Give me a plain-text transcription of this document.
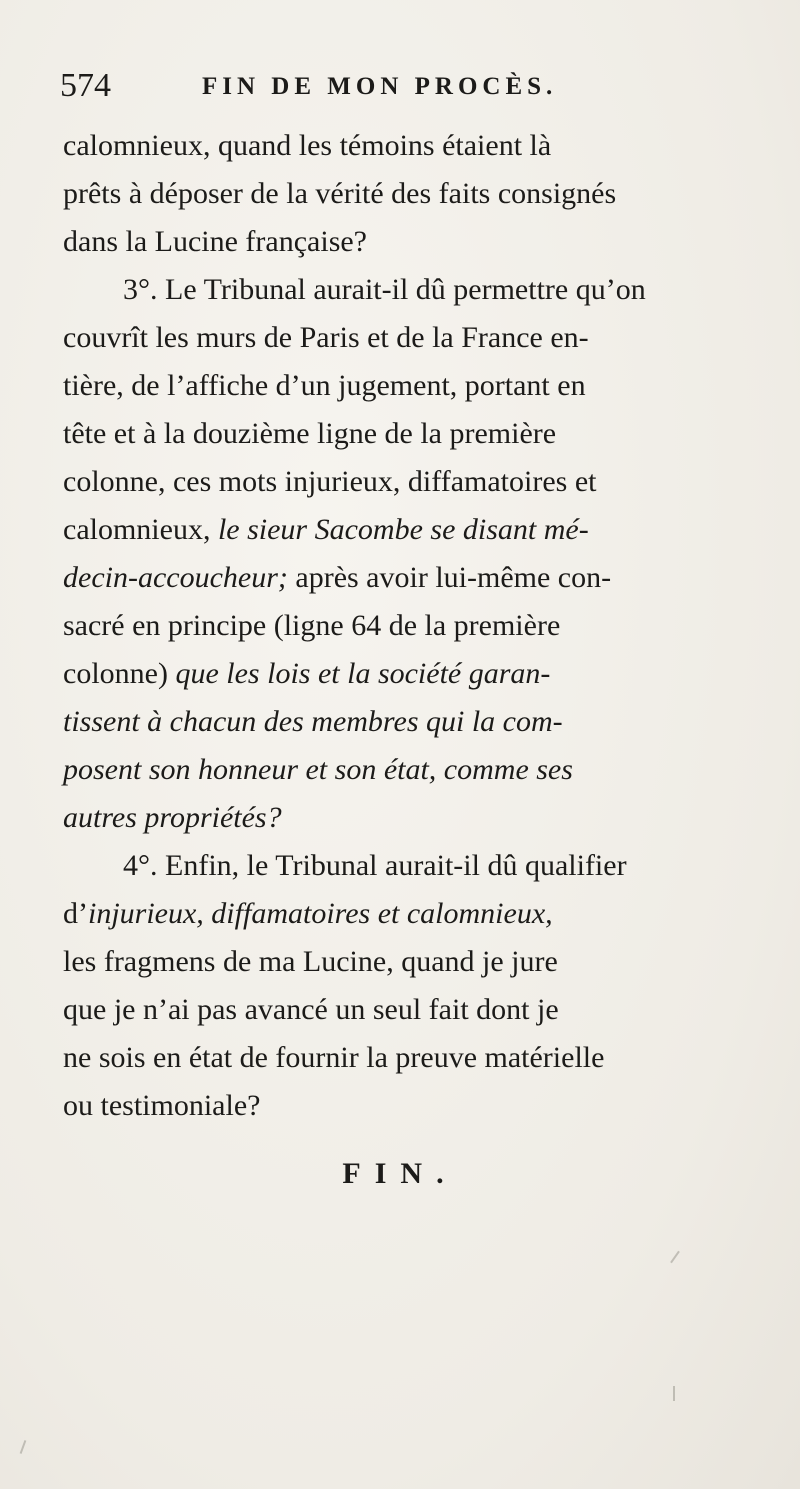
574	FIN DE MON PROCÈS.
calomnieux, quand les témoins étaient là
prêts à déposer de la vérité des faits consignés
dans la Lucine française?
3°. Le Tribunal aurait-il dû permettre qu’on
couvrît les murs de Paris et de la France en-
tière, de l’affiche d’un jugement, portant en
tête et à la douzième ligne de la première
colonne, ces mots injurieux, diffamatoires et
calomnieux, le sieur Sacombe se disant mé-
decin-accoucheur; après avoir lui-même con-
sacré en principe (ligne 64 de la première
colonne) que les lois et la société garan-
tissent à chacun des membres qui la com-
posent son honneur et son état, comme ses
autres propriétés?
4°. Enfin, le Tribunal aurait-il dû qualifier
d’injurieux, diffamatoires et calomnieux,
les fragmens de ma Lucine, quand je jure
que je n’ai pas avancé un seul fait dont je
ne sois en état de fournir la preuve matérielle
ou testimoniale?
FIN.
